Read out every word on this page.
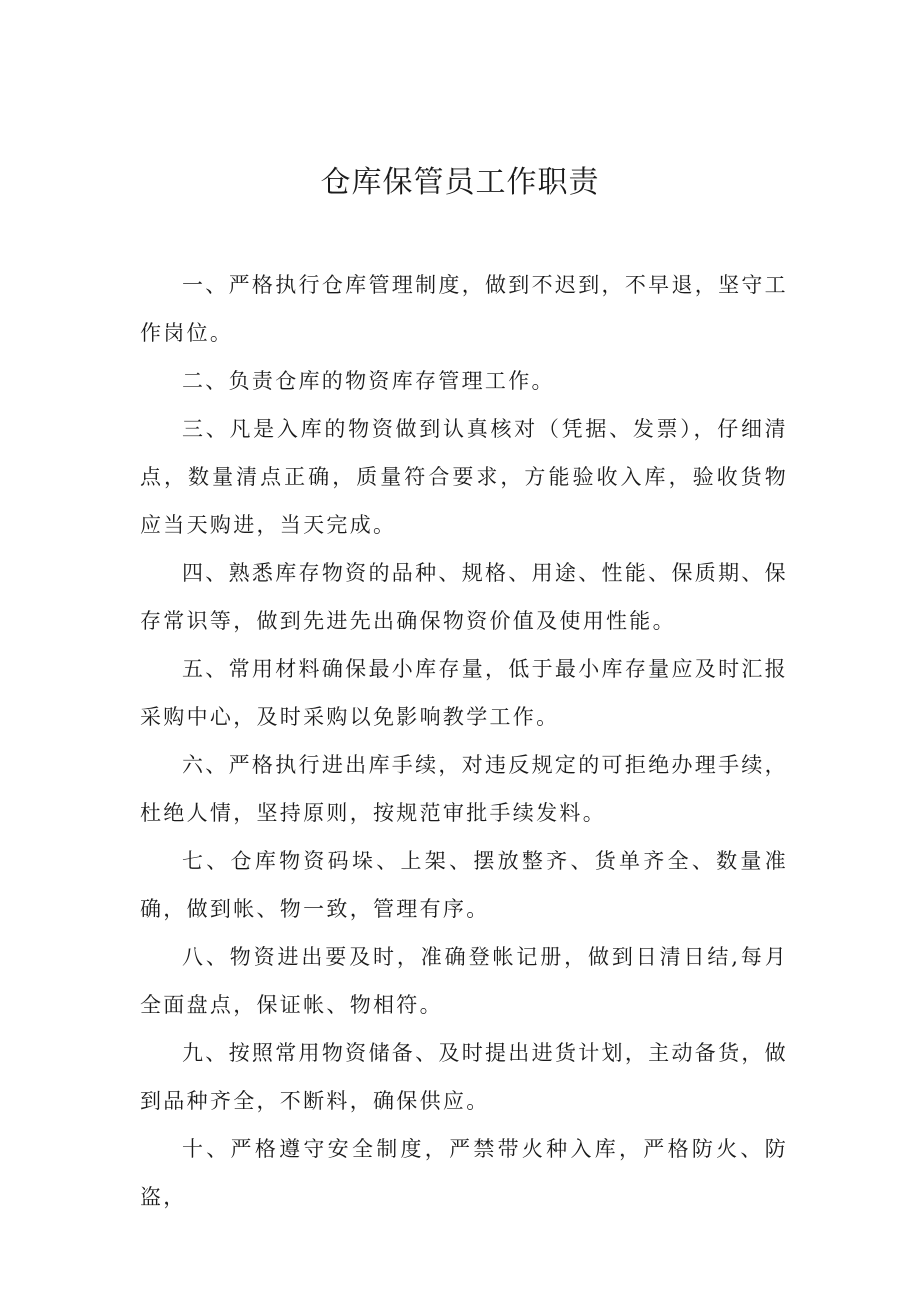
仓库保管员工作职责

一、严格执行仓库管理制度，做到不迟到，不早退，坚守工作岗位。

二、负责仓库的物资库存管理工作。

三、凡是入库的物资做到认真核对（凭据、发票），仔细清点，数量清点正确，质量符合要求，方能验收入库，验收货物应当天购进，当天完成。

四、熟悉库存物资的品种、规格、用途、性能、保质期、保存常识等，做到先进先出确保物资价值及使用性能。

五、常用材料确保最小库存量，低于最小库存量应及时汇报采购中心，及时采购以免影响教学工作。

六、严格执行进出库手续，对违反规定的可拒绝办理手续，杜绝人情，坚持原则，按规范审批手续发料。

七、仓库物资码垛、上架、摆放整齐、货单齐全、数量准确，做到帐、物一致，管理有序。

八、物资进出要及时，准确登帐记册，做到日清日结,每月全面盘点，保证帐、物相符。

九、按照常用物资储备、及时提出进货计划，主动备货，做到品种齐全，不断料，确保供应。

十、严格遵守安全制度，严禁带火种入库，严格防火、防盗，
